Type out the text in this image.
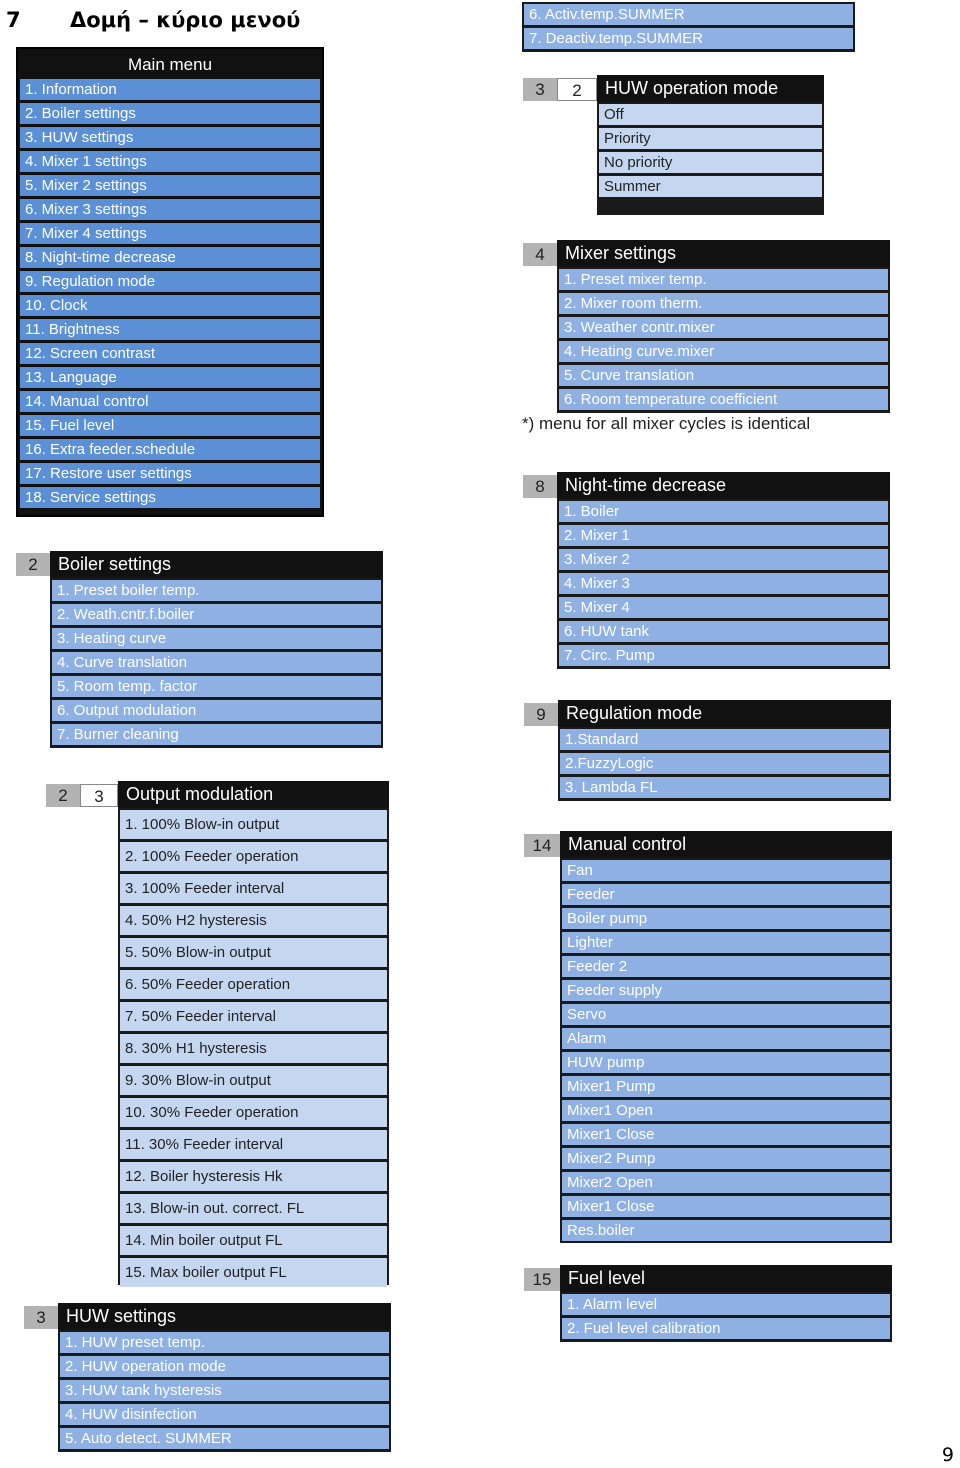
7 Δομή – κύριο μενού
Main menu
1. Information
2. Boiler settings
3. HUW settings
4. Mixer 1 settings
5. Mixer 2 settings
6. Mixer 3 settings
7. Mixer 4 settings
8. Night-time decrease
9. Regulation mode
10. Clock
11. Brightness
12. Screen contrast
13. Language
14. Manual control
15. Fuel level
16. Extra feeder.schedule
17. Restore user settings
18. Service settings
2	Boiler settings
1. Preset boiler temp.
2. Weath.cntr.f.boiler
3. Heating curve
4. Curve translation
5. Room temp. factor
6. Output modulation
7. Burner cleaning
2	3	Output modulation
1. 100% Blow-in output
2. 100% Feeder operation
3. 100% Feeder interval
4. 50% H2 hysteresis
5. 50% Blow-in output
6. 50% Feeder operation
7. 50% Feeder interval
8. 30% H1 hysteresis
9. 30% Blow-in output
10. 30% Feeder operation
11. 30% Feeder interval
12. Boiler hysteresis Hk
13. Blow-in out. correct. FL
14. Min boiler output FL
15. Max boiler output FL
3	HUW settings
1. HUW preset temp.
2. HUW operation mode
3. HUW tank hysteresis
4. HUW disinfection
5. Auto detect. SUMMER
6. Activ.temp.SUMMER
7. Deactiv.temp.SUMMER
3	2	HUW operation mode
Off
Priority
No priority
Summer
4	Mixer settings
1. Preset mixer temp.
2. Mixer room therm.
3. Weather contr.mixer
4. Heating curve.mixer
5. Curve translation
6. Room temperature coefficient
*) menu for all mixer cycles is identical
8	Night-time decrease
1. Boiler
2. Mixer 1
3. Mixer 2
4. Mixer 3
5. Mixer 4
6. HUW tank
7. Circ. Pump
9	Regulation mode
1.Standard
2.FuzzyLogic
3. Lambda FL
14 Manual control
Fan
Feeder
Boiler pump
Lighter
Feeder 2
Feeder supply
Servo
Alarm
HUW pump
Mixer1 Pump
Mixer1 Open
Mixer1 Close
Mixer2 Pump
Mixer2 Open
Mixer1 Close
Res.boiler
15 Fuel level
1. Alarm level
2. Fuel level calibration
9
